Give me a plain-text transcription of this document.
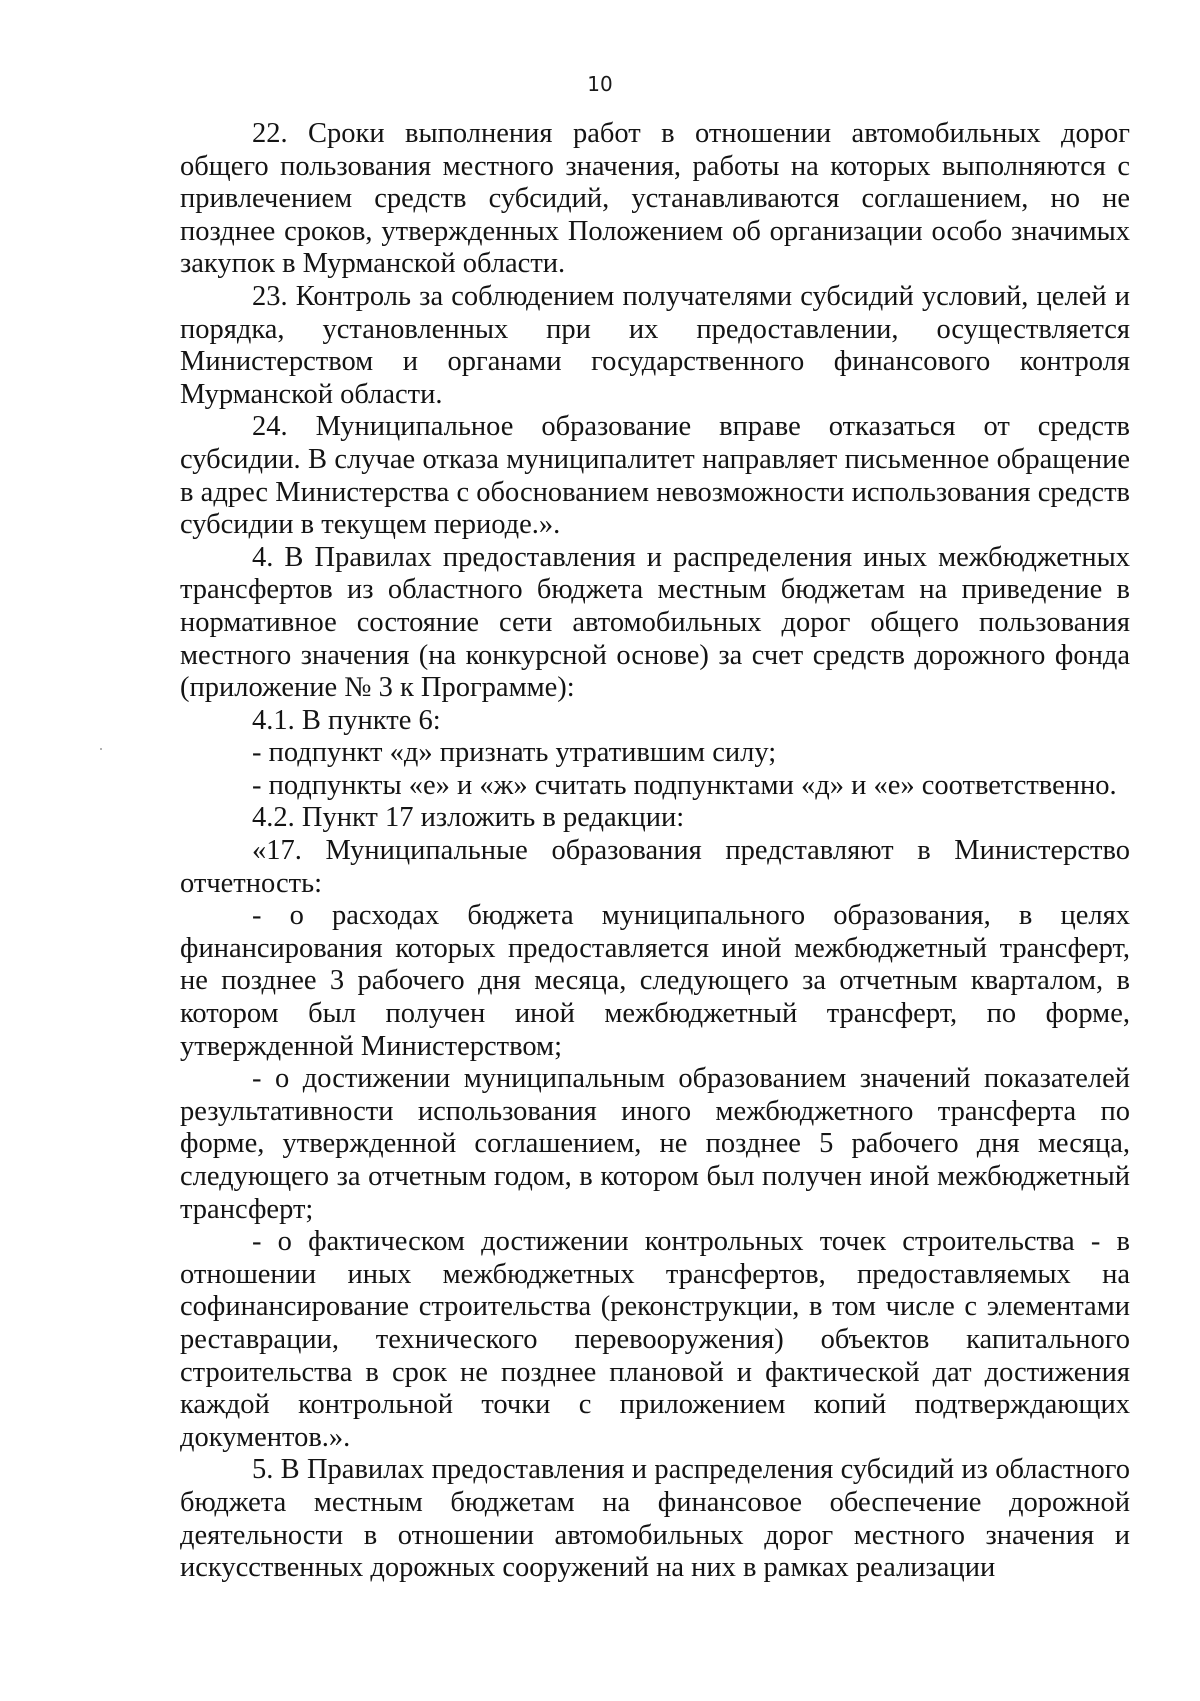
10

22. Сроки выполнения работ в отношении автомобильных дорог общего пользования местного значения, работы на которых выполняются с привлечением средств субсидий, устанавливаются соглашением, но не позднее сроков, утвержденных Положением об организации особо значимых закупок в Мурманской области.

23. Контроль за соблюдением получателями субсидий условий, целей и порядка, установленных при их предоставлении, осуществляется Министерством и органами государственного финансового контроля Мурманской области.

24. Муниципальное образование вправе отказаться от средств субсидии. В случае отказа муниципалитет направляет письменное обращение в адрес Министерства с обоснованием невозможности использования средств субсидии в текущем периоде.».

4. В Правилах предоставления и распределения иных межбюджетных трансфертов из областного бюджета местным бюджетам на приведение в нормативное состояние сети автомобильных дорог общего пользования местного значения (на конкурсной основе) за счет средств дорожного фонда (приложение № 3 к Программе):

4.1. В пункте 6:

- подпункт «д» признать утратившим силу;

- подпункты «е» и «ж» считать подпунктами «д» и «е» соответственно.

4.2. Пункт 17 изложить в редакции:

«17. Муниципальные образования представляют в Министерство отчетность:

- о расходах бюджета муниципального образования, в целях финансирования которых предоставляется иной межбюджетный трансферт, не позднее 3 рабочего дня месяца, следующего за отчетным кварталом, в котором был получен иной межбюджетный трансферт, по форме, утвержденной Министерством;

- о достижении муниципальным образованием значений показателей результативности использования иного межбюджетного трансферта по форме, утвержденной соглашением, не позднее 5 рабочего дня месяца, следующего за отчетным годом, в котором был получен иной межбюджетный трансферт;

- о фактическом достижении контрольных точек строительства - в отношении иных межбюджетных трансфертов, предоставляемых на софинансирование строительства (реконструкции, в том числе с элементами реставрации, технического перевооружения) объектов капитального строительства в срок не позднее плановой и фактической дат достижения каждой контрольной точки с приложением копий подтверждающих документов.».

5. В Правилах предоставления и распределения субсидий из областного бюджета местным бюджетам на финансовое обеспечение дорожной деятельности в отношении автомобильных дорог местного значения и искусственных дорожных сооружений на них в рамках реализации
